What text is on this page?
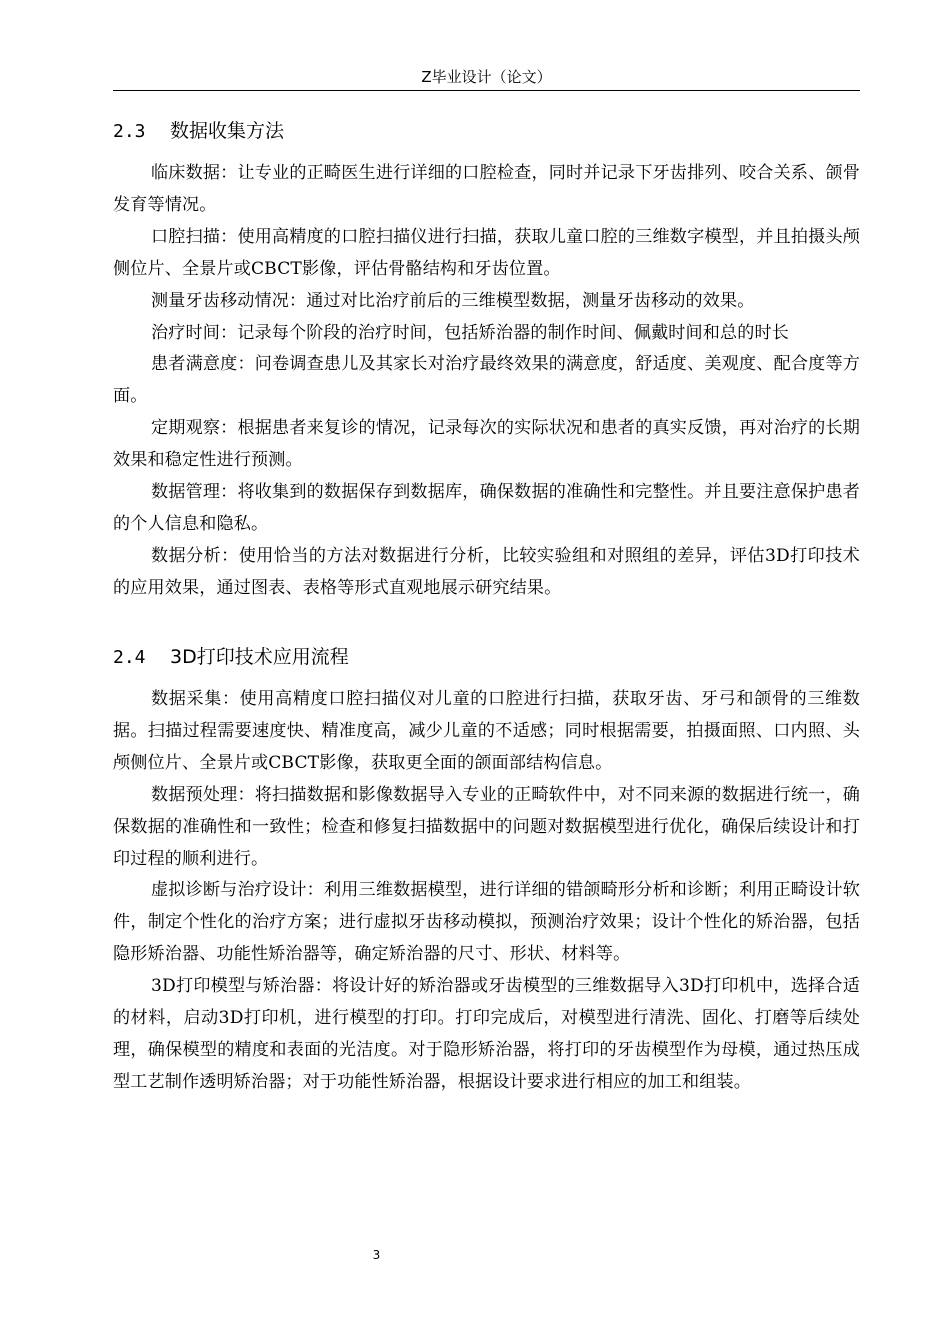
Z毕业设计（论文）
2.3 数据收集方法

临床数据：让专业的正畸医生进行详细的口腔检查，同时并记录下牙齿排列、咬合关系、颌骨发育等情况。

口腔扫描：使用高精度的口腔扫描仪进行扫描，获取儿童口腔的三维数字模型，并且拍摄头颅侧位片、全景片或CBCT影像，评估骨骼结构和牙齿位置。

测量牙齿移动情况：通过对比治疗前后的三维模型数据，测量牙齿移动的效果。

治疗时间：记录每个阶段的治疗时间，包括矫治器的制作时间、佩戴时间和总的时长

患者满意度：问卷调查患儿及其家长对治疗最终效果的满意度，舒适度、美观度、配合度等方面。

定期观察：根据患者来复诊的情况，记录每次的实际状况和患者的真实反馈，再对治疗的长期效果和稳定性进行预测。

数据管理：将收集到的数据保存到数据库，确保数据的准确性和完整性。并且要注意保护患者的个人信息和隐私。

数据分析：使用恰当的方法对数据进行分析，比较实验组和对照组的差异，评估3D打印技术的应用效果，通过图表、表格等形式直观地展示研究结果。

2.4 3D打印技术应用流程

数据采集：使用高精度口腔扫描仪对儿童的口腔进行扫描，获取牙齿、牙弓和颌骨的三维数据。扫描过程需要速度快、精准度高，减少儿童的不适感；同时根据需要，拍摄面照、口内照、头颅侧位片、全景片或CBCT影像，获取更全面的颌面部结构信息。

数据预处理：将扫描数据和影像数据导入专业的正畸软件中，对不同来源的数据进行统一，确保数据的准确性和一致性；检查和修复扫描数据中的问题对数据模型进行优化，确保后续设计和打印过程的顺利进行。

虚拟诊断与治疗设计：利用三维数据模型，进行详细的错颌畸形分析和诊断；利用正畸设计软件，制定个性化的治疗方案；进行虚拟牙齿移动模拟，预测治疗效果；设计个性化的矫治器，包括隐形矫治器、功能性矫治器等，确定矫治器的尺寸、形状、材料等。

3D打印模型与矫治器：将设计好的矫治器或牙齿模型的三维数据导入3D打印机中，选择合适的材料，启动3D打印机，进行模型的打印。打印完成后，对模型进行清洗、固化、打磨等后续处理，确保模型的精度和表面的光洁度。对于隐形矫治器，将打印的牙齿模型作为母模，通过热压成型工艺制作透明矫治器；对于功能性矫治器，根据设计要求进行相应的加工和组装。

3
